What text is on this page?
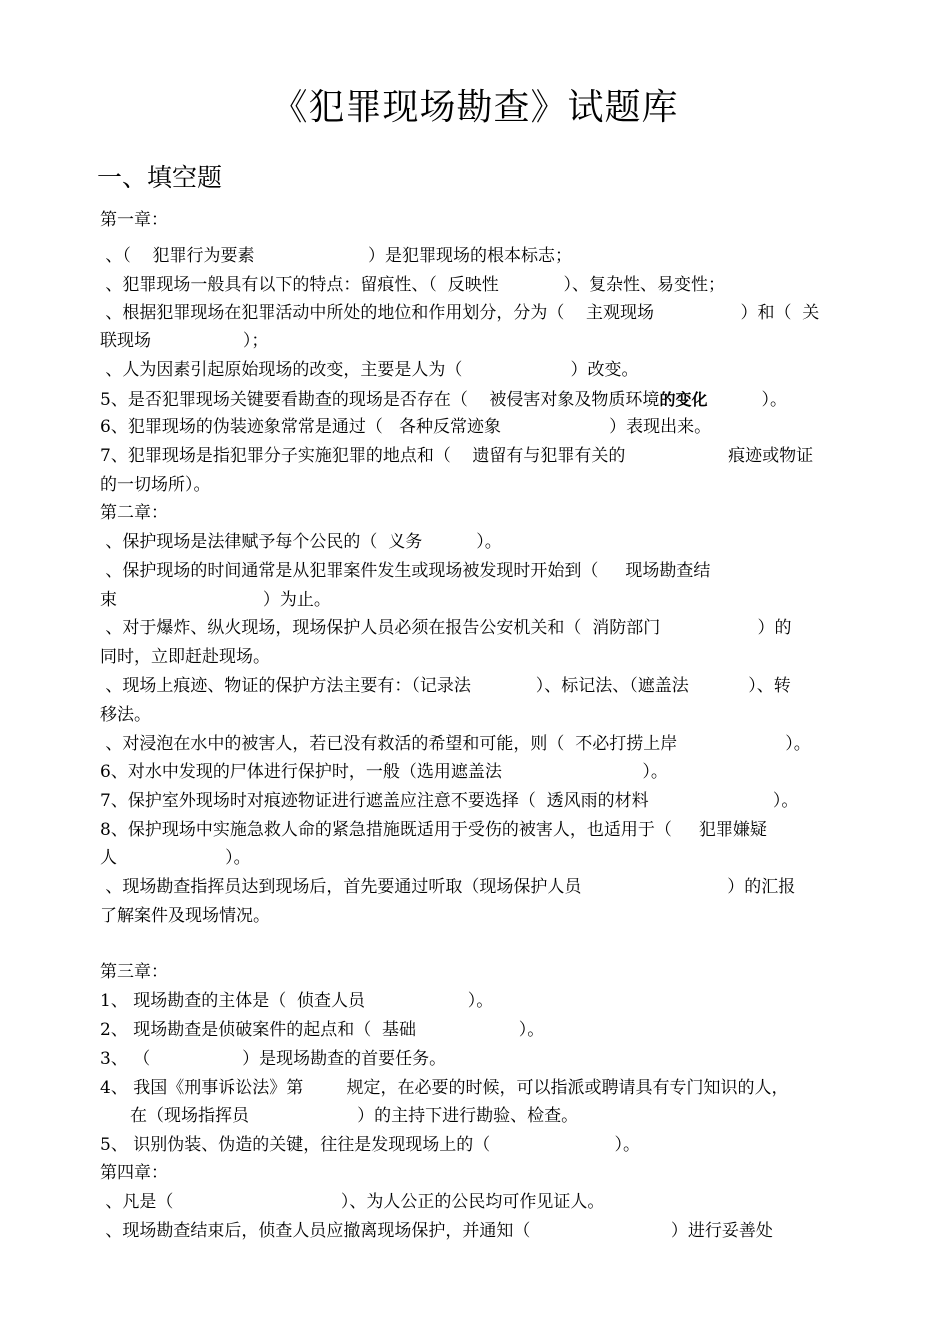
《犯罪现场勘查》试题库
一、填空题
第一章：
、（    犯罪行为要素                     ）是犯罪现场的根本标志；
、犯罪现场一般具有以下的特点：留痕性、（  反映性            ）、复杂性、易变性；
、根据犯罪现场在犯罪活动中所处的地位和作用划分，分为（    主观现场                ）和（  关
联现场                 ）；
、人为因素引起原始现场的改变，主要是人为（                    ）改变。
5、是否犯罪现场关键要看勘查的现场是否存在（    被侵害对象及物质环境的变化          ）。
6、犯罪现场的伪装迹象常常是通过（   各种反常迹象                    ）表现出来。
7、犯罪现场是指犯罪分子实施犯罪的地点和（    遗留有与犯罪有关的                   痕迹或物证
的一切场所）。
第二章：
、保护现场是法律赋予每个公民的（  义务          ）。
、保护现场的时间通常是从犯罪案件发生或现场被发现时开始到（     现场勘查结
束                           ）为止。
、对于爆炸、纵火现场，现场保护人员必须在报告公安机关和（  消防部门                  ）的
同时，立即赶赴现场。
、现场上痕迹、物证的保护方法主要有：（记录法            ）、标记法、（遮盖法           ）、转
移法。
、对浸泡在水中的被害人，若已没有救活的希望和可能，则（  不必打捞上岸                    ）。
6、对水中发现的尸体进行保护时，一般（选用遮盖法                          ）。
7、保护室外现场时对痕迹物证进行遮盖应注意不要选择（  透风雨的材料                       ）。
8、保护现场中实施急救人命的紧急措施既适用于受伤的被害人，也适用于（     犯罪嫌疑
人                    ）。
、现场勘查指挥员达到现场后，首先要通过听取（现场保护人员                           ）的汇报
了解案件及现场情况。
第三章：
1、 现场勘查的主体是（  侦查人员                   ）。
2、 现场勘查是侦破案件的起点和（  基础                   ）。
3、 （                 ）是现场勘查的首要任务。
4、 我国《刑事诉讼法》第        规定，在必要的时候，可以指派或聘请具有专门知识的人，
在（现场指挥员                    ）的主持下进行勘验、检查。
5、 识别伪装、伪造的关键，往往是发现现场上的（                       ）。
第四章：
、凡是（                               ）、为人公正的公民均可作见证人。
、现场勘查结束后，侦查人员应撤离现场保护，并通知（                          ）进行妥善处
